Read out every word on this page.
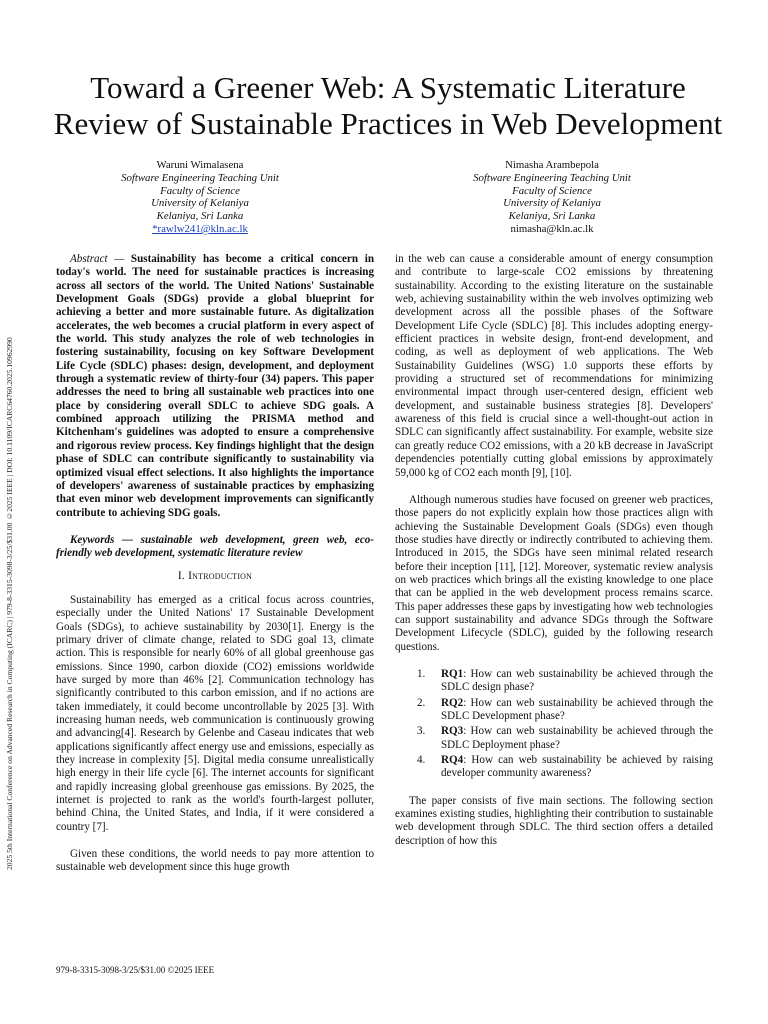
2025 5th International Conference on Advanced Research in Computing (ICARC) | 979-8-3315-3098-3/25/$31.00 ©2025 IEEE | DOI: 10.1109/ICARC64760.2025.10962990
Toward a Greener Web: A Systematic Literature Review of Sustainable Practices in Web Development
Waruni Wimalasena
Software Engineering Teaching Unit
Faculty of Science
University of Kelaniya
Kelaniya, Sri Lanka
*rawlw241@kln.ac.lk
Nimasha Arambepola
Software Engineering Teaching Unit
Faculty of Science
University of Kelaniya
Kelaniya, Sri Lanka
nimasha@kln.ac.lk

Abstract — Sustainability has become a critical concern in today's world. The need for sustainable practices is increasing across all sectors of the world. The United Nations' Sustainable Development Goals (SDGs) provide a global blueprint for achieving a better and more sustainable future. As digitalization accelerates, the web becomes a crucial platform in every aspect of the world. This study analyzes the role of web technologies in fostering sustainability, focusing on key Software Development Life Cycle (SDLC) phases: design, development, and deployment through a systematic review of thirty-four (34) papers. This paper addresses the need to bring all sustainable web practices into one place by considering overall SDLC to achieve SDG goals. A combined approach utilizing the PRISMA method and Kitchenham's guidelines was adopted to ensure a comprehensive and rigorous review process. Key findings highlight that the design phase of SDLC can contribute significantly to sustainability via optimized visual effect selections. It also highlights the importance of developers' awareness of sustainable practices by emphasizing that even minor web development improvements can significantly contribute to achieving SDG goals.

Keywords — sustainable web development, green web, eco-friendly web development, systematic literature review

I. Introduction

Sustainability has emerged as a critical focus across countries, especially under the United Nations' 17 Sustainable Development Goals (SDGs), to achieve sustainability by 2030[1]. Energy is the primary driver of climate change, related to SDG goal 13, climate action. This is responsible for nearly 60% of all global greenhouse gas emissions. Since 1990, carbon dioxide (CO2) emissions worldwide have surged by more than 46% [2]. Communication technology has significantly contributed to this carbon emission, and if no actions are taken immediately, it could become uncontrollable by 2025 [3]. With increasing human needs, web communication is continuously growing and advancing[4]. Research by Gelenbe and Caseau indicates that web applications significantly affect energy use and emissions, especially as they increase in complexity [5]. Digital media consume unrealistically high energy in their life cycle [6]. The internet accounts for significant and rapidly increasing global greenhouse gas emissions. By 2025, the internet is projected to rank as the world's fourth-largest polluter, behind China, the United States, and India, if it were considered a country [7].

Given these conditions, the world needs to pay more attention to sustainable web development since this huge growth

in the web can cause a considerable amount of energy consumption and contribute to large-scale CO2 emissions by threatening sustainability. According to the existing literature on the sustainable web, achieving sustainability within the web involves optimizing web development across all the possible phases of the Software Development Life Cycle (SDLC) [8]. This includes adopting energy-efficient practices in website design, front-end development, and coding, as well as deployment of web applications. The Web Sustainability Guidelines (WSG) 1.0 supports these efforts by providing a structured set of recommendations for minimizing environmental impact through user-centered design, efficient web development, and sustainable business strategies [8]. Developers' awareness of this field is crucial since a well-thought-out action in SDLC can significantly affect sustainability. For example, website size can greatly reduce CO2 emissions, with a 20 kB decrease in JavaScript dependencies potentially cutting global emissions by approximately 59,000 kg of CO2 each month [9], [10].

Although numerous studies have focused on greener web practices, those papers do not explicitly explain how those practices align with achieving the Sustainable Development Goals (SDGs) even though those studies have directly or indirectly contributed to achieving them. Introduced in 2015, the SDGs have seen minimal related research before their inception [11], [12]. Moreover, systematic review analysis on web practices which brings all the existing knowledge to one place that can be applied in the web development process remains scarce. This paper addresses these gaps by investigating how web technologies can support sustainability and advance SDGs through the Software Development Lifecycle (SDLC), guided by the following research questions.

1. RQ1: How can web sustainability be achieved through the SDLC design phase?
2. RQ2: How can web sustainability be achieved through the SDLC Development phase?
3. RQ3: How can web sustainability be achieved through the SDLC Deployment phase?
4. RQ4: How can web sustainability be achieved by raising developer community awareness?

The paper consists of five main sections. The following section examines existing studies, highlighting their contribution to sustainable web development through SDLC. The third section offers a detailed description of how this

979-8-3315-3098-3/25/$31.00 ©2025 IEEE
